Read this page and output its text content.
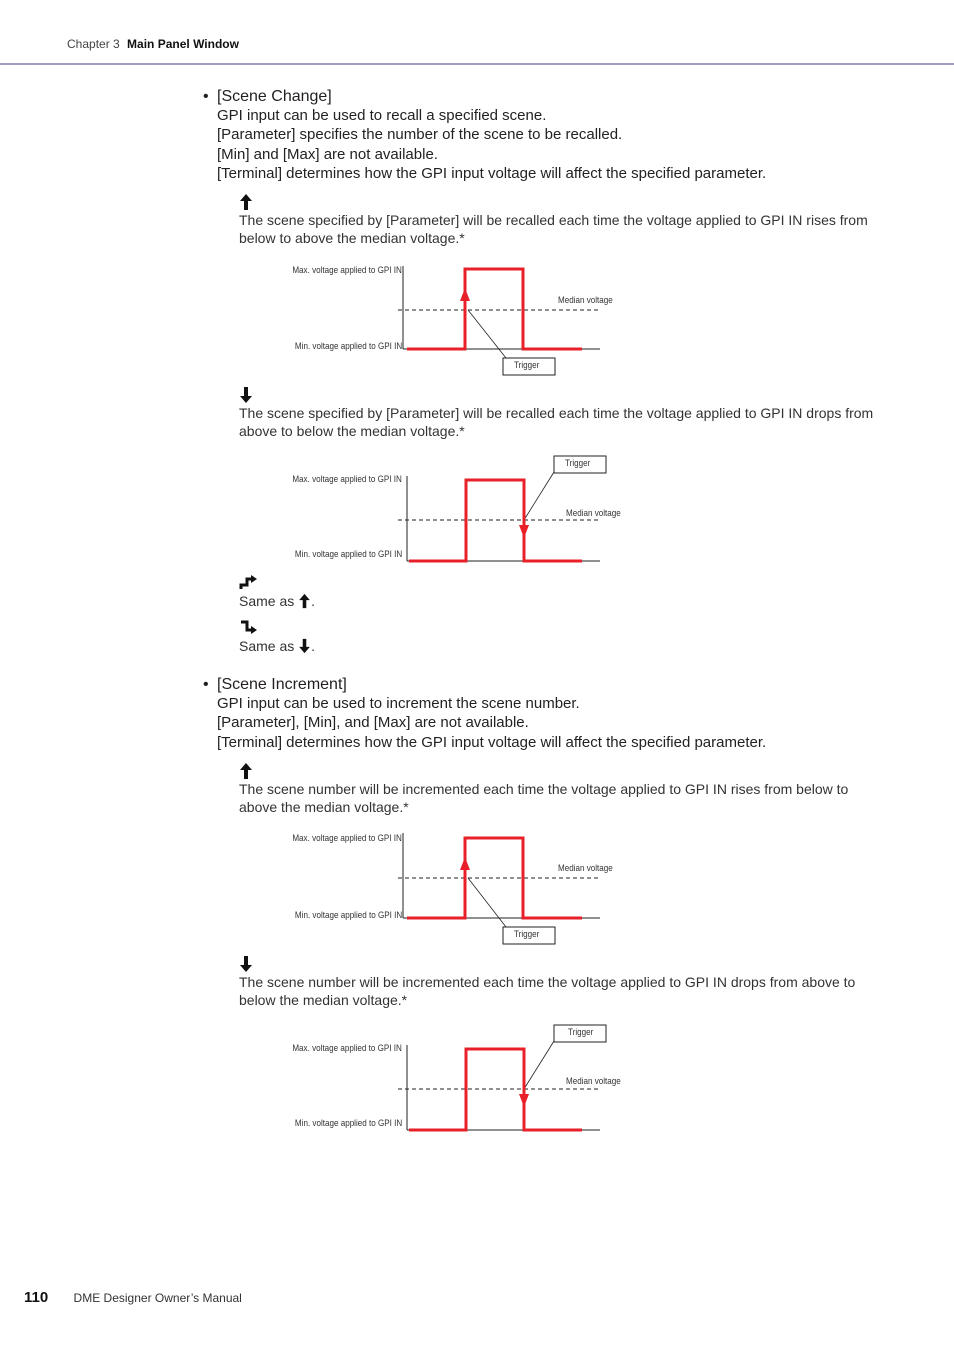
Chapter 3 Main Panel Window
• [Scene Change]
GPI input can be used to recall a specified scene.
[Parameter] specifies the number of the scene to be recalled.
[Min] and [Max] are not available.
[Terminal] determines how the GPI input voltage will affect the specified parameter.
The scene specified by [Parameter] will be recalled each time the voltage applied to GPI IN rises from below to above the median voltage.*
Max. voltage applied to GPI IN
Median voltage
Min. voltage applied to GPI IN
Trigger
The scene specified by [Parameter] will be recalled each time the voltage applied to GPI IN drops from above to below the median voltage.*
Trigger
Max. voltage applied to GPI IN
Median voltage
Min. voltage applied to GPI IN
Same as .
Same as .
• [Scene Increment]
GPI input can be used to increment the scene number.
[Parameter], [Min], and [Max] are not available.
[Terminal] determines how the GPI input voltage will affect the specified parameter.
The scene number will be incremented each time the voltage applied to GPI IN rises from below to above the median voltage.*
Max. voltage applied to GPI IN
Median voltage
Min. voltage applied to GPI IN
Trigger
The scene number will be incremented each time the voltage applied to GPI IN drops from above to below the median voltage.*
Trigger
Max. voltage applied to GPI IN
Median voltage
Min. voltage applied to GPI IN
110 DME Designer Owner’s Manual
